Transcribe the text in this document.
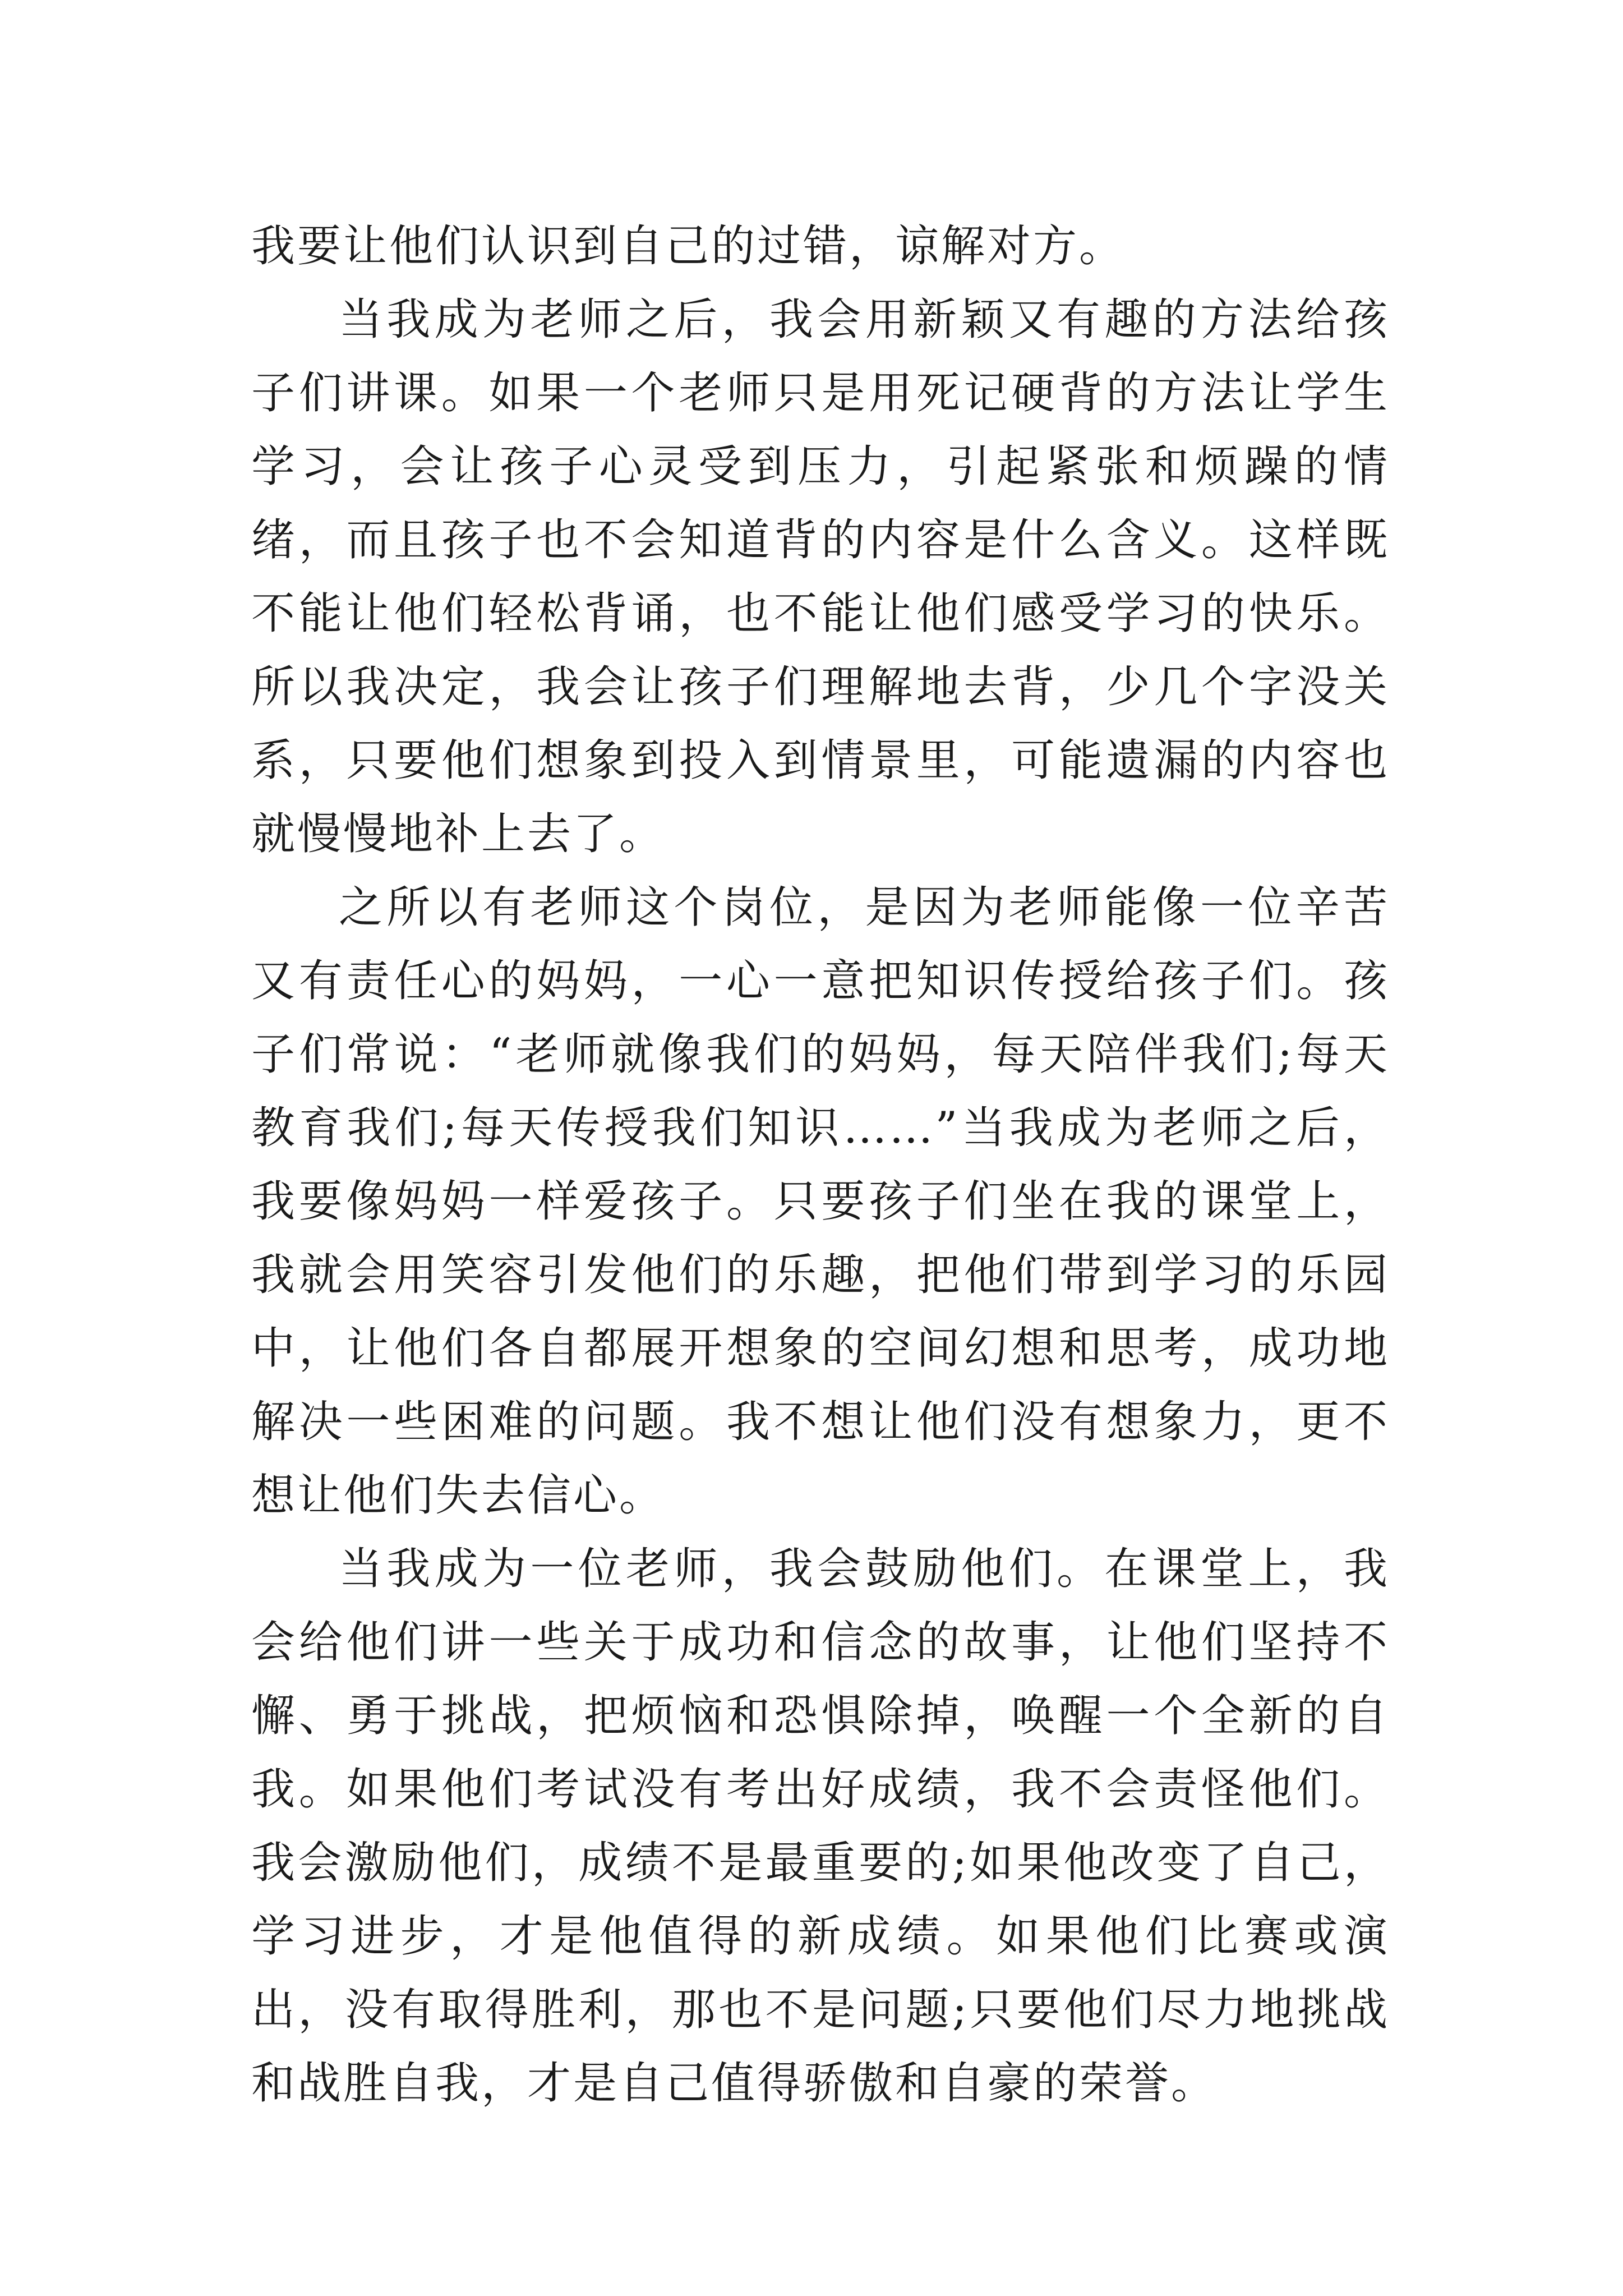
我要让他们认识到自己的过错，谅解对方。

当我成为老师之后，我会用新颖又有趣的方法给孩子们讲课。如果一个老师只是用死记硬背的方法让学生学习，会让孩子心灵受到压力，引起紧张和烦躁的情绪，而且孩子也不会知道背的内容是什么含义。这样既不能让他们轻松背诵，也不能让他们感受学习的快乐。所以我决定，我会让孩子们理解地去背，少几个字没关系，只要他们想象到投入到情景里，可能遗漏的内容也就慢慢地补上去了。

之所以有老师这个岗位，是因为老师能像一位辛苦又有责任心的妈妈，一心一意把知识传授给孩子们。孩子们常说：“老师就像我们的妈妈，每天陪伴我们;每天教育我们;每天传授我们知识……”当我成为老师之后，我要像妈妈一样爱孩子。只要孩子们坐在我的课堂上，我就会用笑容引发他们的乐趣，把他们带到学习的乐园中，让他们各自都展开想象的空间幻想和思考，成功地解决一些困难的问题。我不想让他们没有想象力，更不想让他们失去信心。

当我成为一位老师，我会鼓励他们。在课堂上，我会给他们讲一些关于成功和信念的故事，让他们坚持不懈、勇于挑战，把烦恼和恐惧除掉，唤醒一个全新的自我。如果他们考试没有考出好成绩，我不会责怪他们。我会激励他们，成绩不是最重要的;如果他改变了自己，学习进步，才是他值得的新成绩。如果他们比赛或演出，没有取得胜利，那也不是问题;只要他们尽力地挑战和战胜自我，才是自己值得骄傲和自豪的荣誉。
